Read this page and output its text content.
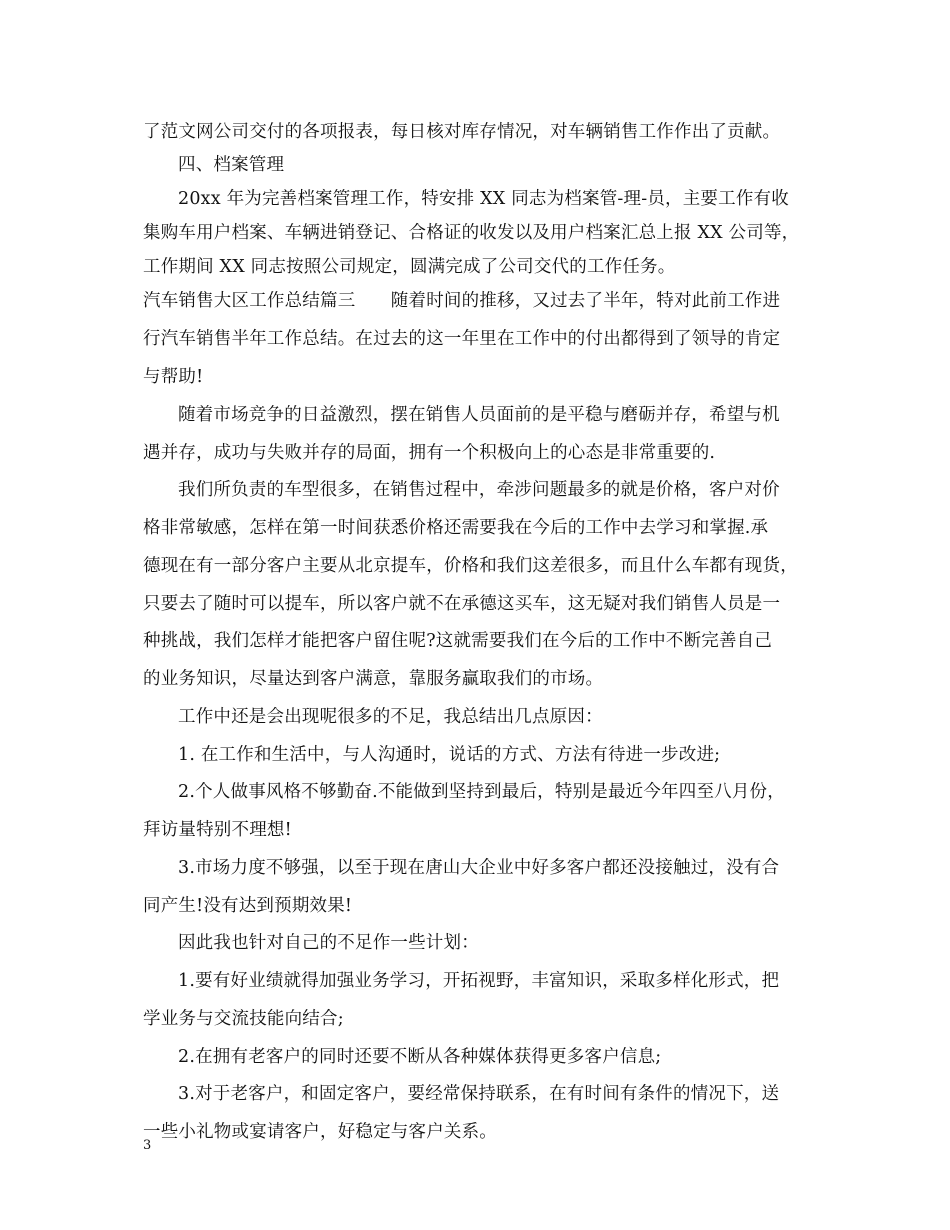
了范文网公司交付的各项报表，每日核对库存情况，对车辆销售工作作出了贡献。
四、档案管理
20xx 年为完善档案管理工作，特安排 XX 同志为档案管-理-员，主要工作有收
集购车用户档案、车辆进销登记、合格证的收发以及用户档案汇总上报 XX 公司等，
工作期间 XX 同志按照公司规定，圆满完成了公司交代的工作任务。
汽车销售大区工作总结篇三　　随着时间的推移，又过去了半年，特对此前工作进
行汽车销售半年工作总结。在过去的这一年里在工作中的付出都得到了领导的肯定
与帮助!
随着市场竞争的日益激烈，摆在销售人员面前的是平稳与磨砺并存，希望与机
遇并存，成功与失败并存的局面，拥有一个积极向上的心态是非常重要的.
我们所负责的车型很多，在销售过程中，牵涉问题最多的就是价格，客户对价
格非常敏感，怎样在第一时间获悉价格还需要我在今后的工作中去学习和掌握.承
德现在有一部分客户主要从北京提车，价格和我们这差很多，而且什么车都有现货，
只要去了随时可以提车，所以客户就不在承德这买车，这无疑对我们销售人员是一
种挑战，我们怎样才能把客户留住呢?这就需要我们在今后的工作中不断完善自己
的业务知识，尽量达到客户满意，靠服务赢取我们的市场。
工作中还是会出现呢很多的不足，我总结出几点原因：
1. 在工作和生活中，与人沟通时，说话的方式、方法有待进一步改进;
2.个人做事风格不够勤奋.不能做到坚持到最后，特别是最近今年四至八月份，
拜访量特别不理想!
3.市场力度不够强，以至于现在唐山大企业中好多客户都还没接触过，没有合
同产生!没有达到预期效果!
因此我也针对自己的不足作一些计划：
1.要有好业绩就得加强业务学习，开拓视野，丰富知识，采取多样化形式，把
学业务与交流技能向结合;
2.在拥有老客户的同时还要不断从各种媒体获得更多客户信息;
3.对于老客户，和固定客户，要经常保持联系，在有时间有条件的情况下，送
一些小礼物或宴请客户，好稳定与客户关系。
3
